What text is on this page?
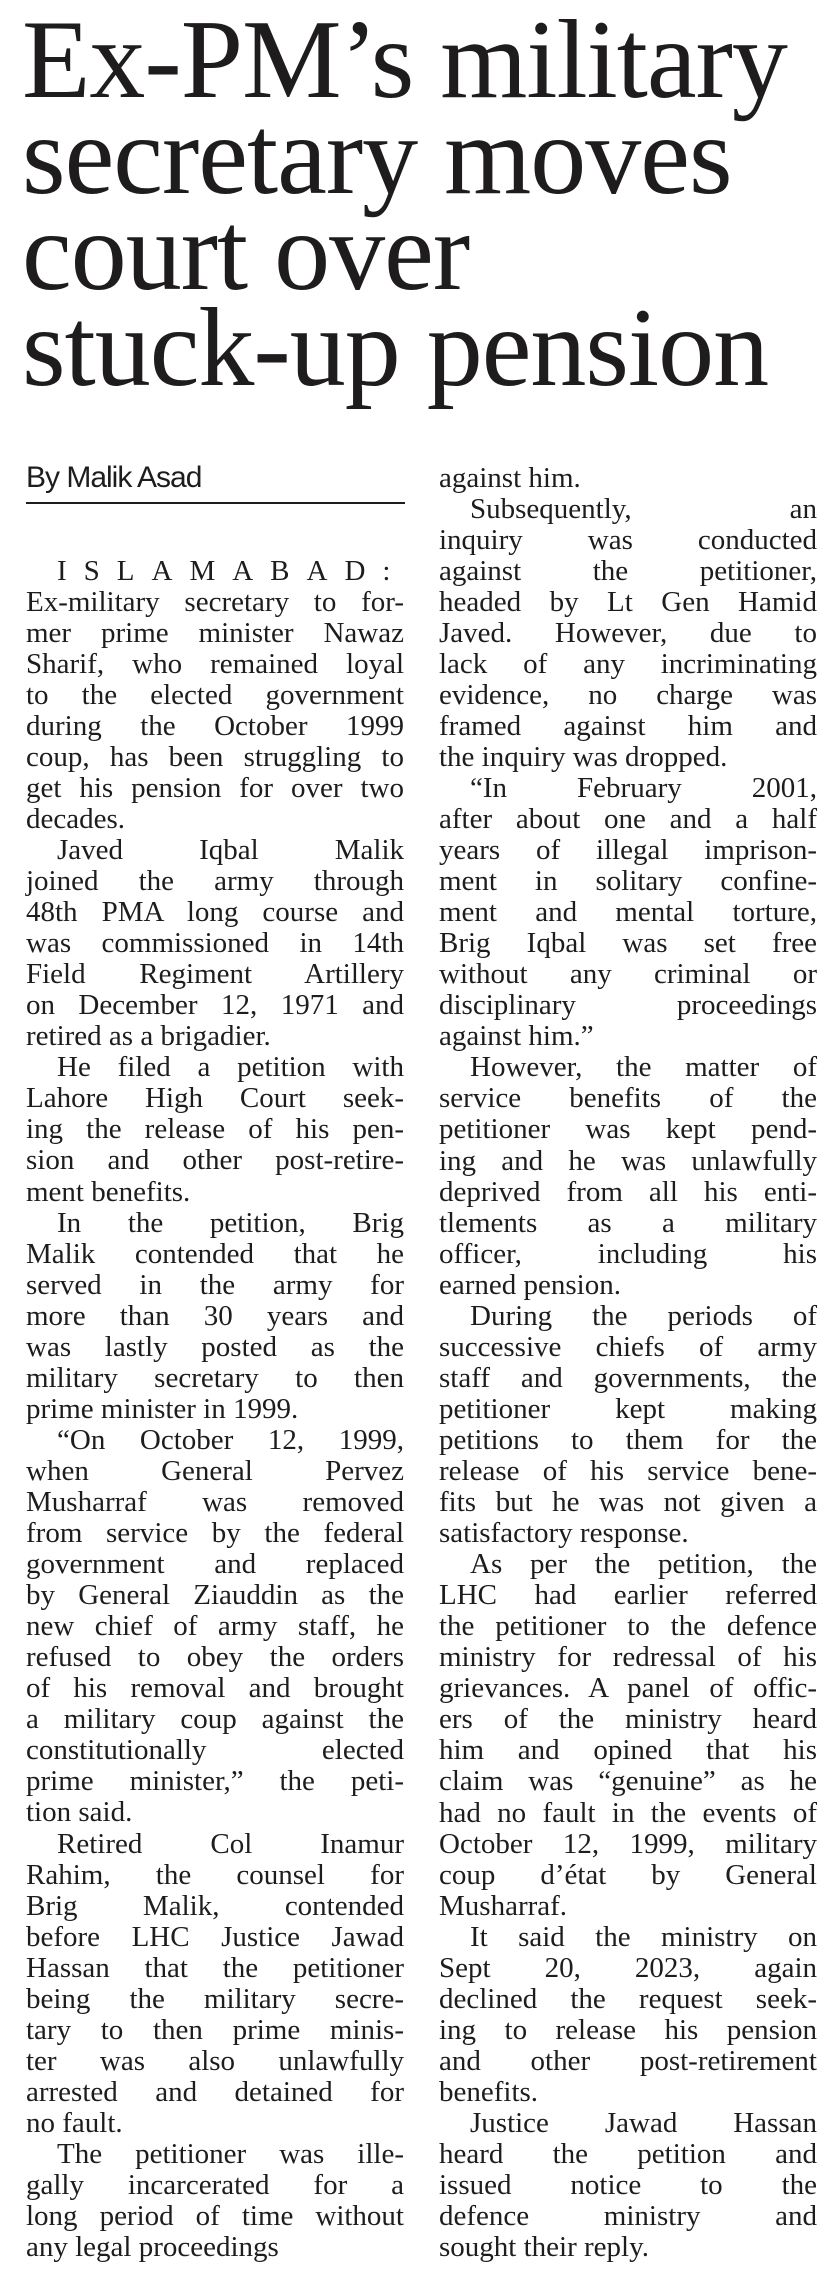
Ex-PM’s military
secretary moves
court over
stuck-up pension
By Malik Asad
ISLAMABAD:
Ex-military secretary to for-
mer prime minister Nawaz
Sharif, who remained loyal
to the elected government
during the October 1999
coup, has been struggling to
get his pension for over two
decades.
Javed Iqbal Malik
joined the army through
48th PMA long course and
was commissioned in 14th
Field Regiment Artillery
on December 12, 1971 and
retired as a brigadier.
He filed a petition with
Lahore High Court seek-
ing the release of his pen-
sion and other post-retire-
ment benefits.
In the petition, Brig
Malik contended that he
served in the army for
more than 30 years and
was lastly posted as the
military secretary to then
prime minister in 1999.
“On October 12, 1999,
when General Pervez
Musharraf was removed
from service by the federal
government and replaced
by General Ziauddin as the
new chief of army staff, he
refused to obey the orders
of his removal and brought
a military coup against the
constitutionally elected
prime minister,” the peti-
tion said.
Retired Col Inamur
Rahim, the counsel for
Brig Malik, contended
before LHC Justice Jawad
Hassan that the petitioner
being the military secre-
tary to then prime minis-
ter was also unlawfully
arrested and detained for
no fault.
The petitioner was ille-
gally incarcerated for a
long period of time without
any legal proceedings
against him.
Subsequently, an
inquiry was conducted
against the petitioner,
headed by Lt Gen Hamid
Javed. However, due to
lack of any incriminating
evidence, no charge was
framed against him and
the inquiry was dropped.
“In February 2001,
after about one and a half
years of illegal imprison-
ment in solitary confine-
ment and mental torture,
Brig Iqbal was set free
without any criminal or
disciplinary proceedings
against him.”
However, the matter of
service benefits of the
petitioner was kept pend-
ing and he was unlawfully
deprived from all his enti-
tlements as a military
officer, including his
earned pension.
During the periods of
successive chiefs of army
staff and governments, the
petitioner kept making
petitions to them for the
release of his service bene-
fits but he was not given a
satisfactory response.
As per the petition, the
LHC had earlier referred
the petitioner to the defence
ministry for redressal of his
grievances. A panel of offic-
ers of the ministry heard
him and opined that his
claim was “genuine” as he
had no fault in the events of
October 12, 1999, military
coup d’état by General
Musharraf.
It said the ministry on
Sept 20, 2023, again
declined the request seek-
ing to release his pension
and other post-retirement
benefits.
Justice Jawad Hassan
heard the petition and
issued notice to the
defence ministry and
sought their reply.
